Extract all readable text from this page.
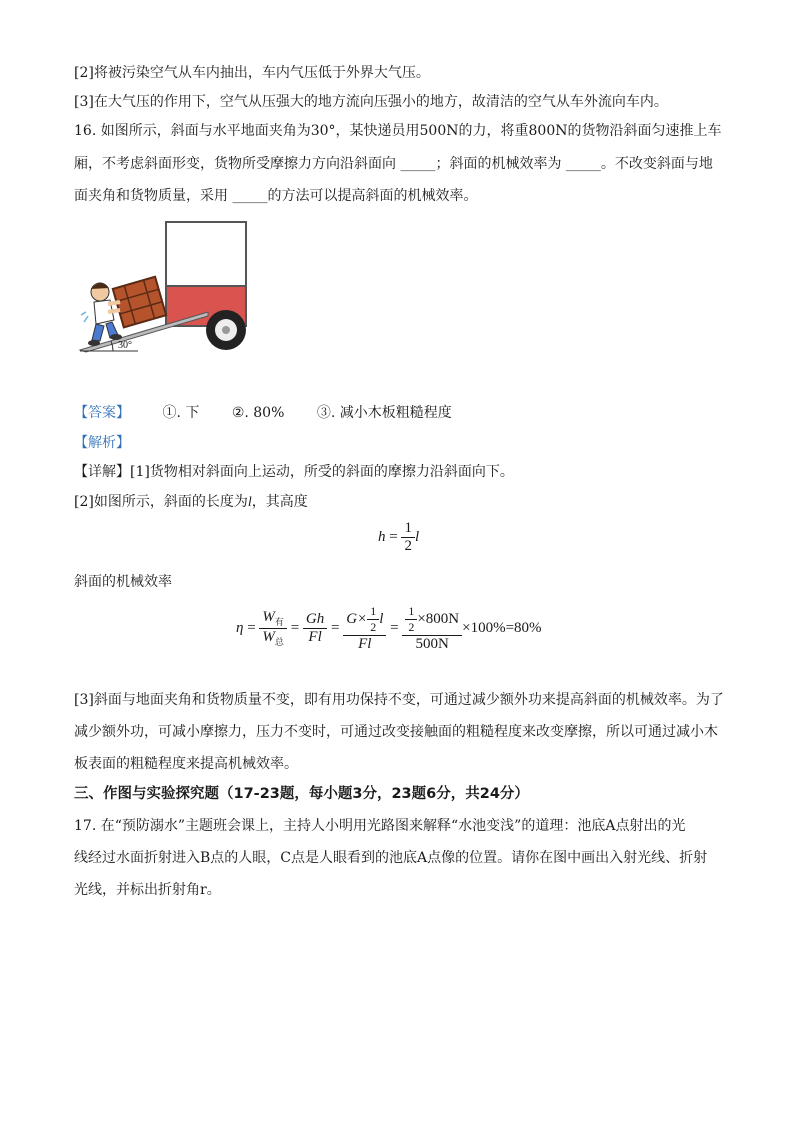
[2]将被污染空气从车内抽出，车内气压低于外界大气压。
[3]在大气压的作用下，空气从压强大的地方流向压强小的地方，故清洁的空气从车外流向车内。
16. 如图所示，斜面与水平地面夹角为30°，某快递员用500N的力，将重800N的货物沿斜面匀速推上车
厢，不考虑斜面形变，货物所受摩擦力方向沿斜面向 _____；斜面的机械效率为 _____。不改变斜面与地
面夹角和货物质量，采用 _____的方法可以提高斜面的机械效率。
30°
【答案】 ①. 下 ②. 80% ③. 减小木板粗糙程度
【解析】
【详解】[1]货物相对斜面向上运动，所受的斜面的摩擦力沿斜面向下。
[2]如图所示，斜面的长度为l，其高度
$h = \frac{1}{2}$ l
斜面的机械效率
$\eta = \frac{W_有}{W_总} = \frac{Gh}{Fl} = \frac{G\times \frac{1}{2} l}{Fl} = \frac{\frac{1}{2} \times 800N}{500N} \times 100\%=80\%$
[3]斜面与地面夹角和货物质量不变，即有用功保持不变，可通过减少额外功来提高斜面的机械效率。为了
减少额外功，可减小摩擦力，压力不变时，可通过改变接触面的粗糙程度来改变摩擦，所以可通过减小木
板表面的粗糙程度来提高机械效率。
三、作图与实验探究题（17-23题，每小题3分，23题6分，共24分）
17. 在“预防溺水”主题班会课上，主持人小明用光路图来解释“水池变浅”的道理：池底A点射出的光
线经过水面折射进入B点的人眼，C点是人眼看到的池底A点像的位置。请你在图中画出入射光线、折射
光线，并标出折射角r。
